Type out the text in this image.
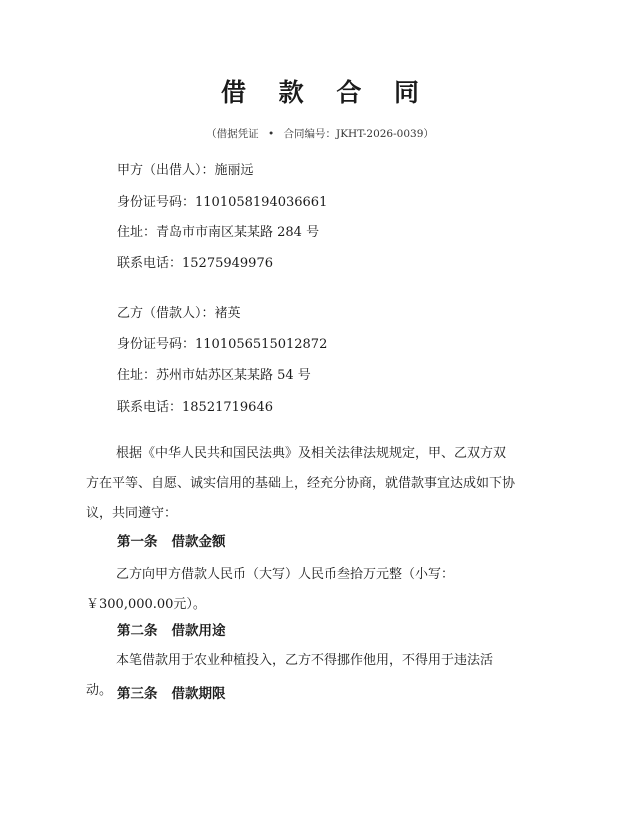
借 款 合 同
（借据凭证 • 合同编号：JKHT-2026-0039）
甲方（出借人）：施丽远
身份证号码：1101058194036661
住址：青岛市市南区某某路 284 号
联系电话：15275949976
乙方（借款人）：褚英
身份证号码：1101056515012872
住址：苏州市姑苏区某某路 54 号
联系电话：18521719646
根据《中华人民共和国民法典》及相关法律法规规定，甲、乙双方双方在平等、自愿、诚实信用的基础上，经充分协商，就借款事宜达成如下协议，共同遵守：
第一条 借款金额
乙方向甲方借款人民币（大写）人民币叁拾万元整（小写：￥300,000.00元）。
第二条 借款用途
本笔借款用于农业种植投入，乙方不得挪作他用，不得用于违法活动。 第三条 借款期限
